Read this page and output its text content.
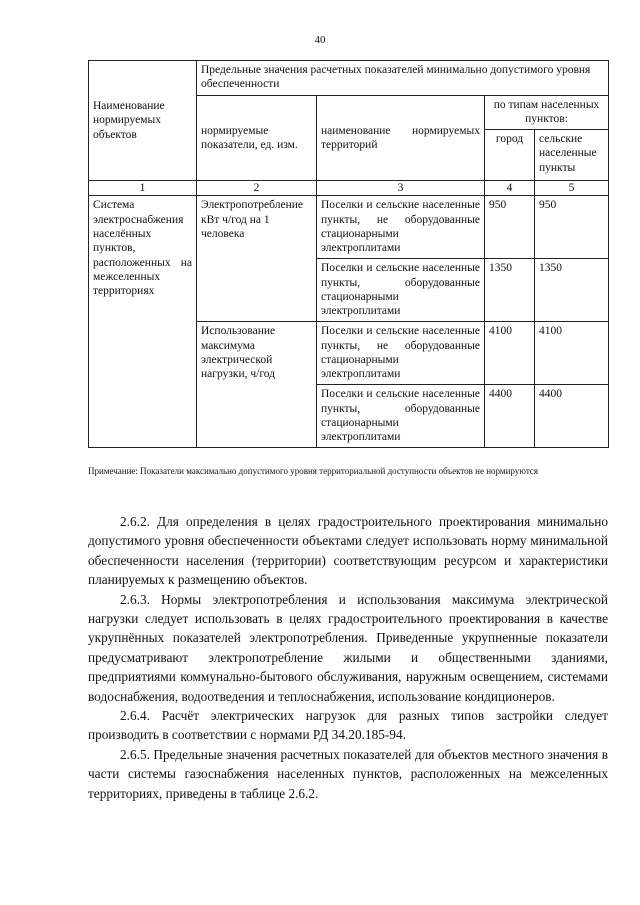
40
Наименование нормируемых объектов	Предельные значения расчетных показателей минимально допустимого уровня обеспеченности			
	нормируемые показатели, ед. изм.	наименование нормируемых территорий	по типам населенных пунктов:	
			город	сельские населенные пункты
1	2	3	4	5
Система электроснабжения населённых пунктов, расположенных на межселенных территориях	Электропотребление кВт ч/год на 1 человека	Поселки и сельские населенные пункты, не оборудованные стационарными электроплитами	950	950
		Поселки и сельские населенные пункты, оборудованные стационарными электроплитами	1350	1350
	Использование максимума электрической нагрузки, ч/год	Поселки и сельские населенные пункты, не оборудованные стационарными электроплитами	4100	4100
		Поселки и сельские населенные пункты, оборудованные стационарными электроплитами	4400	4400
Примечание: Показатели максимально допустимого уровня территориальной доступности объектов не нормируются

2.6.2. Для определения в целях градостроительного проектирования минимально допустимого уровня обеспеченности объектами следует использовать норму минимальной обеспеченности населения (территории) соответствующим ресурсом и характеристики планируемых к размещению объектов.

2.6.3. Нормы электропотребления и использования максимума электрической нагрузки следует использовать в целях градостроительного проектирования в качестве укрупнённых показателей электропотребления. Приведенные укрупненные показатели предусматривают электропотребление жилыми и общественными зданиями, предприятиями коммунально-бытового обслуживания, наружным освещением, системами водоснабжения, водоотведения и теплоснабжения, использование кондиционеров.

2.6.4. Расчёт электрических нагрузок для разных типов застройки следует производить в соответствии с нормами РД 34.20.185-94.

2.6.5. Предельные значения расчетных показателей для объектов местного значения в части системы газоснабжения населенных пунктов, расположенных на межселенных территориях, приведены в таблице 2.6.2.
